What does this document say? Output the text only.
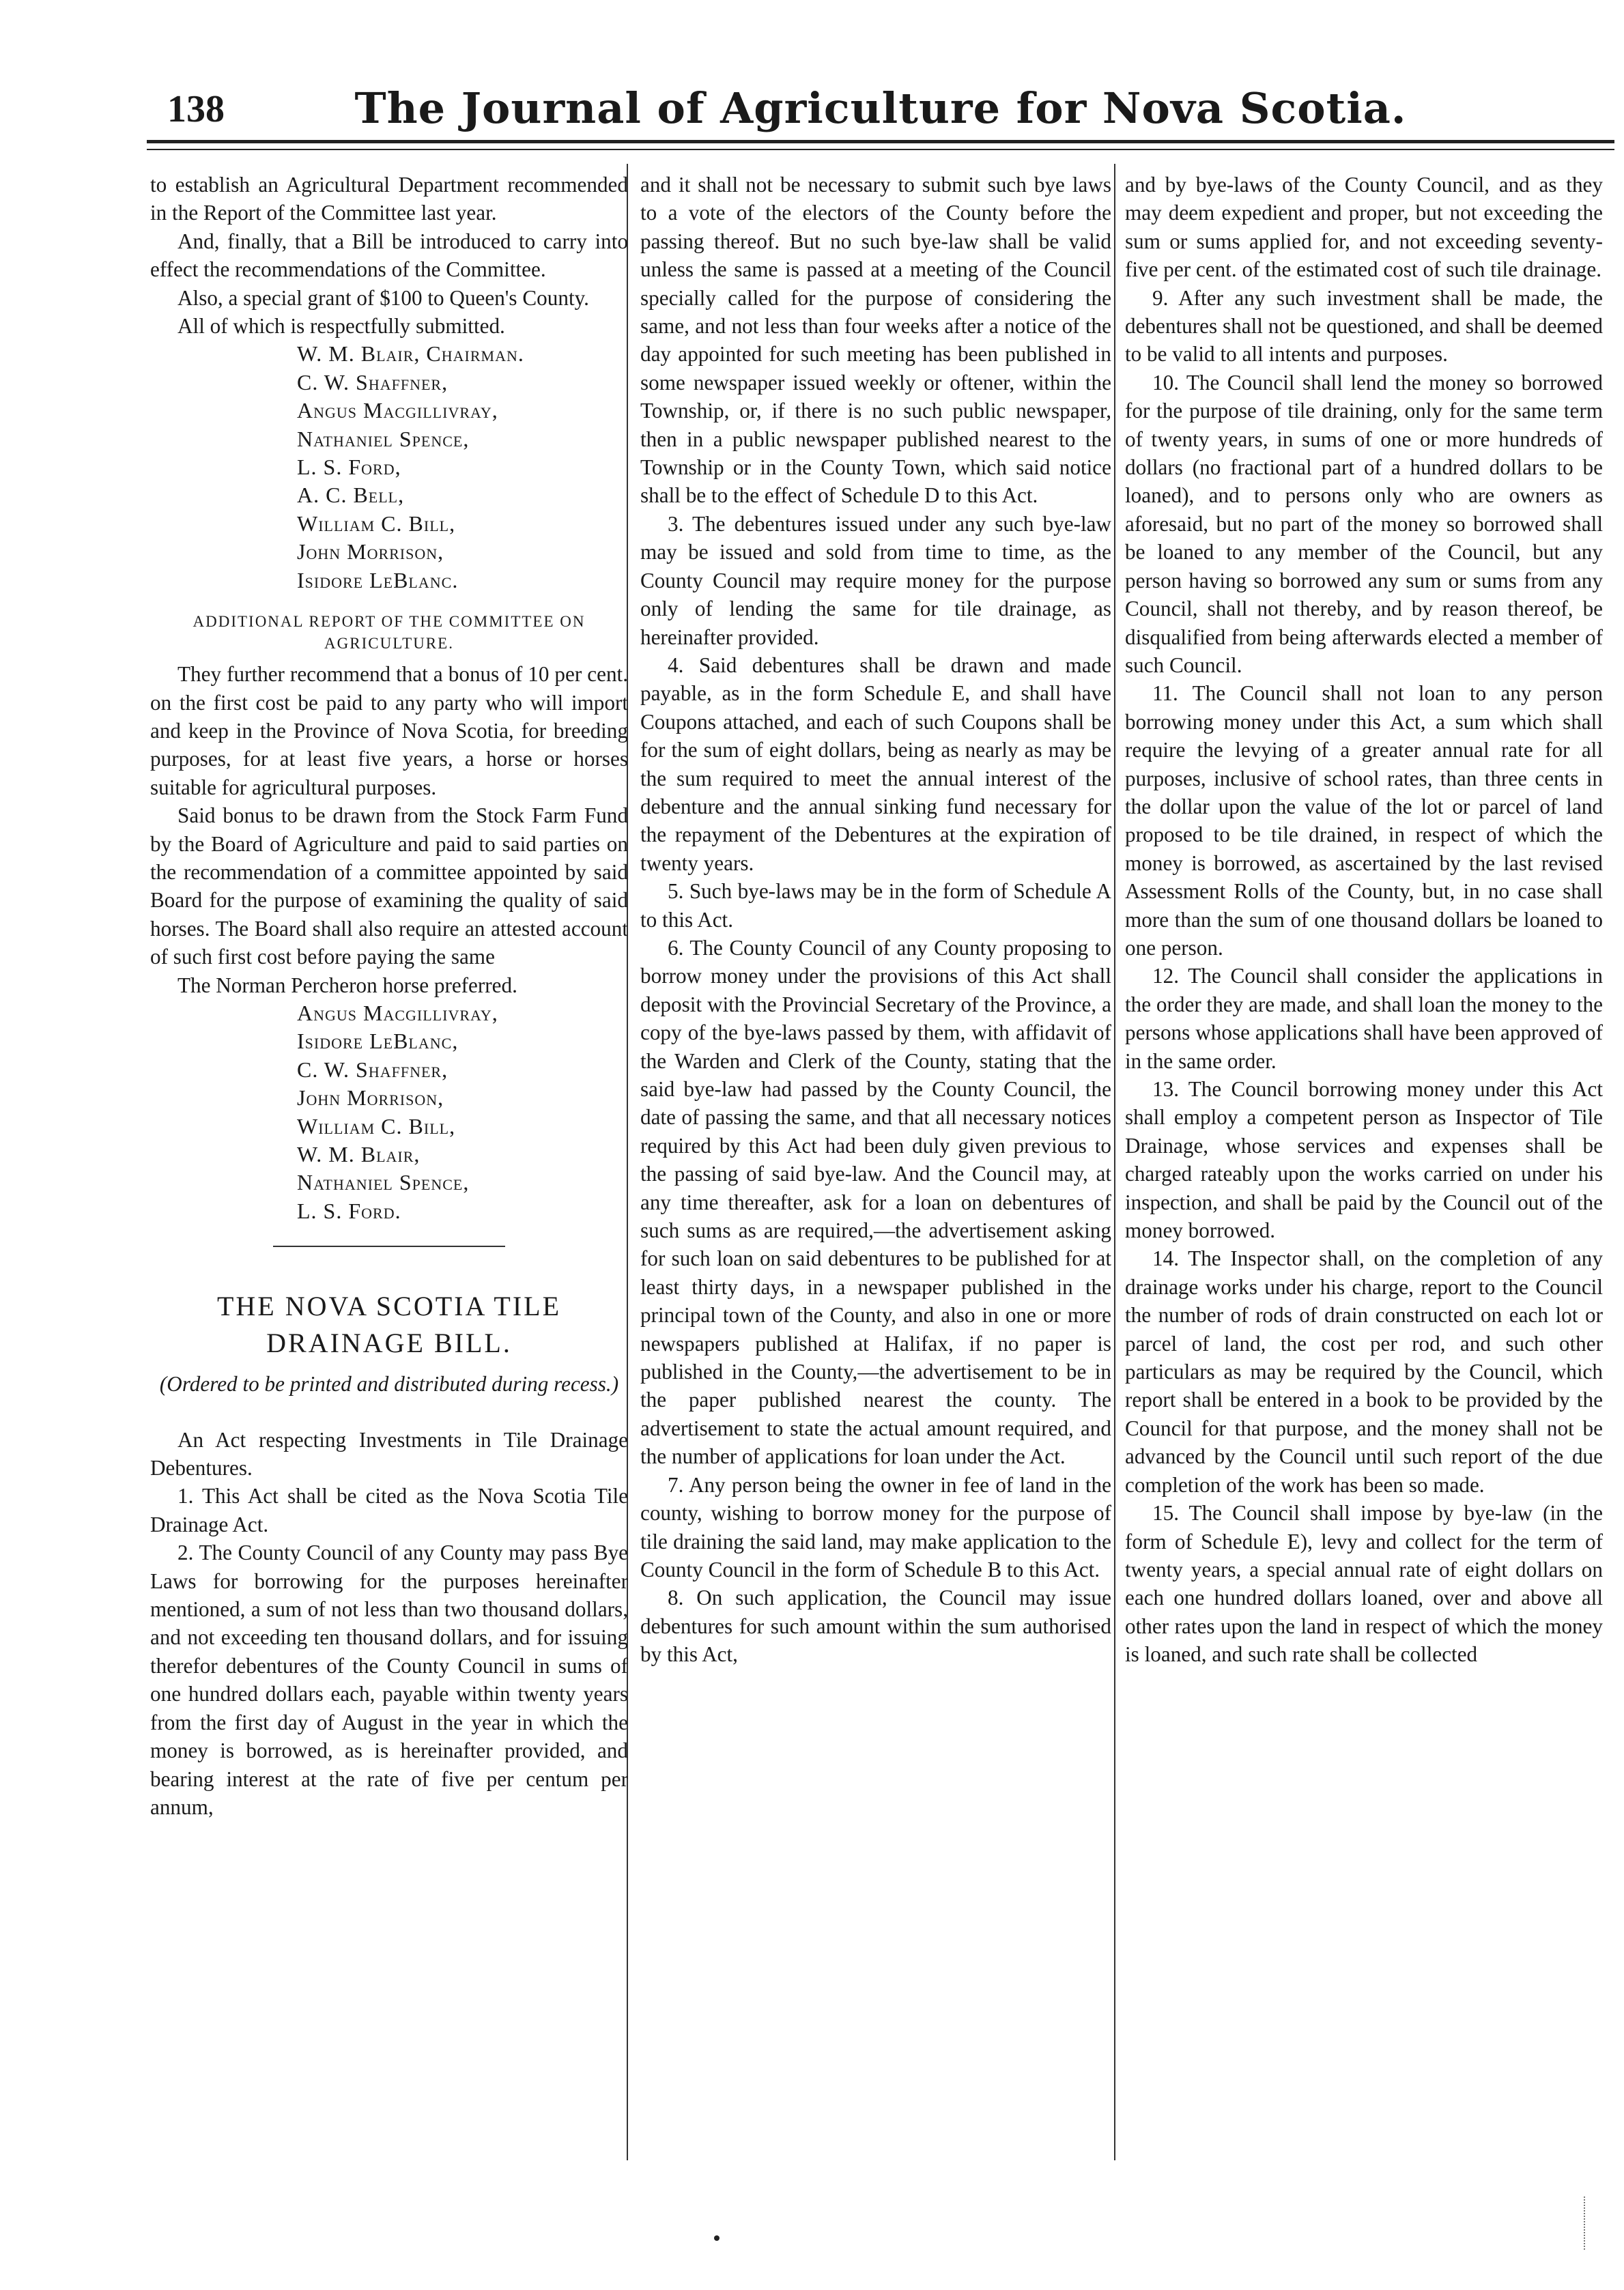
138	The Journal of Agriculture for Nova Scotia.

to establish an Agricultural Department recommended in the Report of the Committee last year.

And, finally, that a Bill be introduced to carry into effect the recommendations of the Committee.

Also, a special grant of $100 to Queen's County.

All of which is respectfully submitted.

W. M. Blair, Chairman.

C. W. Shaffner,

Angus Macgillivray,

Nathaniel Spence,

L. S. Ford,

A. C. Bell,

William C. Bill,

John Morrison,

Isidore LeBlanc.

ADDITIONAL REPORT OF THE COMMITTEE ON AGRICULTURE.

They further recommend that a bonus of 10 per cent. on the first cost be paid to any party who will import and keep in the Province of Nova Scotia, for breeding purposes, for at least five years, a horse or horses suitable for agricultural purposes.

Said bonus to be drawn from the Stock Farm Fund by the Board of Agriculture and paid to said parties on the recommendation of a committee appointed by said Board for the purpose of examining the quality of said horses. The Board shall also require an attested account of such first cost before paying the same

The Norman Percheron horse preferred.

Angus Macgillivray,

Isidore LeBlanc,

C. W. Shaffner,

John Morrison,

William C. Bill,

W. M. Blair,

Nathaniel Spence,

L. S. Ford.

THE NOVA SCOTIA TILE DRAINAGE BILL.
(Ordered to be printed and distributed during recess.)

An Act respecting Investments in Tile Drainage Debentures.

1. This Act shall be cited as the Nova Scotia Tile Drainage Act.

2. The County Council of any County may pass Bye Laws for borrowing for the purposes hereinafter mentioned, a sum of not less than two thousand dollars, and not exceeding ten thousand dollars, and for issuing therefor debentures of the County Council in sums of one hundred dollars each, payable within twenty years from the first day of August in the year in which the money is borrowed, as is hereinafter provided, and bearing interest at the rate of five per centum per annum,

and it shall not be necessary to submit such bye laws to a vote of the electors of the County before the passing thereof. But no such bye-law shall be valid unless the same is passed at a meeting of the Council specially called for the purpose of considering the same, and not less than four weeks after a notice of the day appointed for such meeting has been published in some newspaper issued weekly or oftener, within the Township, or, if there is no such public newspaper, then in a public newspaper published nearest to the Township or in the County Town, which said notice shall be to the effect of Schedule D to this Act.

3. The debentures issued under any such bye-law may be issued and sold from time to time, as the County Council may require money for the purpose only of lending the same for tile drainage, as hereinafter provided.

4. Said debentures shall be drawn and made payable, as in the form Schedule E, and shall have Coupons attached, and each of such Coupons shall be for the sum of eight dollars, being as nearly as may be the sum required to meet the annual interest of the debenture and the annual sinking fund necessary for the repayment of the Debentures at the expiration of twenty years.

5. Such bye-laws may be in the form of Schedule A to this Act.

6. The County Council of any County proposing to borrow money under the provisions of this Act shall deposit with the Provincial Secretary of the Province, a copy of the bye-laws passed by them, with affidavit of the Warden and Clerk of the County, stating that the said bye-law had passed by the County Council, the date of passing the same, and that all necessary notices required by this Act had been duly given previous to the passing of said bye-law. And the Council may, at any time thereafter, ask for a loan on debentures of such sums as are required,—the advertisement asking for such loan on said debentures to be published for at least thirty days, in a newspaper published in the principal town of the County, and also in one or more newspapers published at Halifax, if no paper is published in the County,—the advertisement to be in the paper published nearest the county. The advertisement to state the actual amount required, and the number of applications for loan under the Act.

7. Any person being the owner in fee of land in the county, wishing to borrow money for the purpose of tile draining the said land, may make application to the County Council in the form of Schedule B to this Act.

8. On such application, the Council may issue debentures for such amount within the sum authorised by this Act,

and by bye-laws of the County Council, and as they may deem expedient and proper, but not exceeding the sum or sums applied for, and not exceeding seventy-five per cent. of the estimated cost of such tile drainage.

9. After any such investment shall be made, the debentures shall not be questioned, and shall be deemed to be valid to all intents and purposes.

10. The Council shall lend the money so borrowed for the purpose of tile draining, only for the same term of twenty years, in sums of one or more hundreds of dollars (no fractional part of a hundred dollars to be loaned), and to persons only who are owners as aforesaid, but no part of the money so borrowed shall be loaned to any member of the Council, but any person having so borrowed any sum or sums from any Council, shall not thereby, and by reason thereof, be disqualified from being afterwards elected a member of such Council.

11. The Council shall not loan to any person borrowing money under this Act, a sum which shall require the levying of a greater annual rate for all purposes, inclusive of school rates, than three cents in the dollar upon the value of the lot or parcel of land proposed to be tile drained, in respect of which the money is borrowed, as ascertained by the last revised Assessment Rolls of the County, but, in no case shall more than the sum of one thousand dollars be loaned to one person.

12. The Council shall consider the applications in the order they are made, and shall loan the money to the persons whose applications shall have been approved of in the same order.

13. The Council borrowing money under this Act shall employ a competent person as Inspector of Tile Drainage, whose services and expenses shall be charged rateably upon the works carried on under his inspection, and shall be paid by the Council out of the money borrowed.

14. The Inspector shall, on the completion of any drainage works under his charge, report to the Council the number of rods of drain constructed on each lot or parcel of land, the cost per rod, and such other particulars as may be required by the Council, which report shall be entered in a book to be provided by the Council for that purpose, and the money shall not be advanced by the Council until such report of the due completion of the work has been so made.

15. The Council shall impose by bye-law (in the form of Schedule E), levy and collect for the term of twenty years, a special annual rate of eight dollars on each one hundred dollars loaned, over and above all other rates upon the land in respect of which the money is loaned, and such rate shall be collected
